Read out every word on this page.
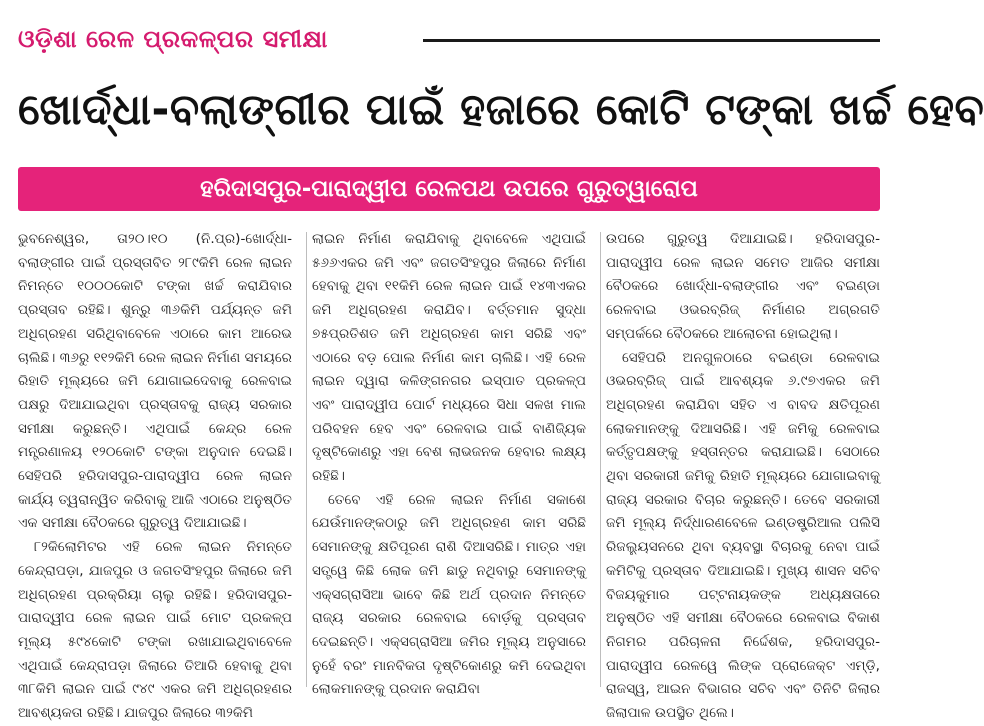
ଓଡ଼ିଶା ରେଳ ପ୍ରକଳ୍ପର ସମୀକ୍ଷା
ଖୋର୍ଦ୍ଧା-ବଲାଙ୍ଗୀର ପାଇଁ ହଜାରେ କୋଟି ଟଙ୍କା ଖର୍ଚ୍ଚ ହେବ
ହରିଦାସପୁର-ପାରାଦ୍ୱୀପ ରେଳପଥ ଉପରେ ଗୁରୁତ୍ୱାରୋପ

ଭୁବନେଶ୍ୱର, ତା୨୦।୧୦ (ନି.ପ୍ର)-ଖୋର୍ଦ୍ଧା-ବଲାଙ୍ଗୀର ପାଇଁ ପ୍ରସ୍ତାବିତ ୨୮୯କିମି ରେଳ ଲାଇନ ନିମନ୍ତେ ୧୦୦୦କୋଟି ଟଙ୍କା ଖର୍ଚ୍ଚ କରାଯିବାର ପ୍ରସ୍ତାବ ରହିଛି। ଶୁନ୍‌ରୁ ୩୬କିମି ପର୍ଯ୍ୟନ୍ତ ଜମି ଅଧିଗ୍ରହଣ ସରିଥିବାବେଳେ ଏଠାରେ କାମ ଆରେଭ ଚାଲିଛି। ୩୬ରୁ ୧୧୨କିମି ରେଳ ଲାଇନ ନିର୍ମାଣ ସମୟରେ ରିହାତି ମୂଲ୍ୟରେ ଜମି ଯୋଗାଇଦେବାକୁ ରେଳବାଇ ପକ୍ଷରୁ ଦିଆଯାଇଥିବା ପ୍ରସ୍ତାବକୁ ରାଜ୍ୟ ସରକାର ସମୀକ୍ଷା କରୁଛନ୍ତି। ଏଥିପାଇଁ କେନ୍ଦ୍ର ରେଳ ମନ୍ତ୍ରଣାଳୟ ୧୨୦କୋଟି ଟଙ୍କା ଅନୁଦାନ ଦେଇଛି। ସେହିପରି ହରିଦାସପୁର-ପାରାଦ୍ୱୀପ ରେଳ ଲାଇନ କାର୍ଯ୍ୟ ତ୍ୱରାନ୍ୱିତ କରିବାକୁ ଆଜି ଏଠାରେ ଅନୁଷ୍ଠିତ ଏକ ସମୀକ୍ଷା ବୈଠକରେ ଗୁରୁତ୍ୱ ଦିଆଯାଇଛି।

୮୨କିଲୋମିଟର ଏହି ରେଳ ଲାଇନ ନିମନ୍ତେ କେନ୍ଦ୍ରାପଡ଼ା, ଯାଜପୁର ଓ ଜଗତସିଂହପୁର ଜିଲାରେ ଜମି ଅଧିଗ୍ରହଣ ପ୍ରକ୍ରିୟା ଚାଲୁ ରହିଛି। ହରିଦାସପୁର-ପାରାଦ୍ୱୀପ ରେଳ ଲାଇନ ପାଇଁ ମୋଟ ପ୍ରକଳ୍ପ ମୂଲ୍ୟ ୫୯୪କୋଟି ଟଙ୍କା ରଖାଯାଇଥିବାବେଳେ ଏଥିପାଇଁ କେନ୍ଦ୍ରାପଡ଼ା ଜିଲାରେ ତିଆରି ହେବାକୁ ଥିବା ୩୮କିମି ଲାଇନ ପାଇଁ ୯୪୯ ଏକର ଜମି ଅଧିଗ୍ରହଣର ଆବଶ୍ୟକତା ରହିଛି। ଯାଜପୁର ଜିଲାରେ ୩୨କିମି

ଲାଇନ ନିର୍ମାଣ କରାଯିବାକୁ ଥିବାବେଳେ ଏଥିପାଇଁ ୫୬୬ଏକର ଜମି ଏବଂ ଜଗତସିଂହପୁର ଜିଲାରେ ନିର୍ମାଣ ହେବାକୁ ଥିବା ୧୧କିମି ରେଳ ଲାଇନ ପାଇଁ ୧୪୩ଏକର ଜମି ଅଧିଗ୍ରହଣ କରାଯିବ। ବର୍ତ୍ତମାନ ସୁଦ୍ଧା ୭୫ପ୍ରତିଶତ ଜମି ଅଧିଗ୍ରହଣ କାମ ସରିଛି ଏବଂ ଏଠାରେ ବଡ଼ ପୋଲ ନିର୍ମାଣ କାମ ଚାଲିଛି। ଏହି ରେଳ ଲାଇନ ଦ୍ୱାରା କଳିଙ୍ଗନଗର ଇସ୍ପାତ ପ୍ରକଳ୍ପ ଏବଂ ପାରାଦ୍ୱୀପ ପୋର୍ଟ ମଧ୍ୟରେ ସିଧା ସଳଖ ମାଲ ପରିବହନ ହେବ ଏବଂ ରେଳବାଇ ପାଇଁ ବାଣିଜ୍ୟିକ ଦୃଷ୍ଟିକୋଣରୁ ଏହା ବେଶ ଲାଭଜନକ ହେବାର ଲକ୍ଷ୍ୟ ରହିଛି।

ତେବେ ଏହି ରେଳ ଲାଇନ ନିର୍ମାଣ ସକାଶେ ଯେଉଁମାନଙ୍କଠାରୁ ଜମି ଅଧିଗ୍ରହଣ କାମ ସରିଛି ସେମାନଙ୍କୁ କ୍ଷତିପୂରଣ ରାଶି ଦିଆସରିଛି। ମାତ୍ର ଏହା ସତ୍ତ୍ୱେ କିଛି ଲୋକ ଜମି ଛାଡୁ ନଥିବାରୁ ସେମାନଙ୍କୁ ଏକ୍ସଗ୍ରାସିଆ ଭାବେ କିଛି ଅର୍ଥ ପ୍ରଦାନ ନିମନ୍ତେ ରାଜ୍ୟ ସରକାର ରେଳବାଇ ବୋର୍ଡ଼କୁ ପ୍ରସ୍ତାବ ଦେଇଛନ୍ତି। ଏକ୍ସଗ୍ରାସିଆ ଜମିର ମୂଲ୍ୟ ଅନୁସାରେ ନୁହେଁ ବରଂ ମାନବିକତା ଦୃଷ୍ଟିକୋଣରୁ କମି ଦେଇଥିବା ଲୋକମାନଙ୍କୁ ପ୍ରଦାନ କରାଯିବା

ଉପରେ ଗୁରୁତ୍ୱ ଦିଆଯାଇଛି। ହରିଦାସପୁର-ପାରାଦ୍ୱୀପ ରେଳ ଲାଇନ ସମେତ ଆଜିର ସମୀକ୍ଷା ବୈଠକରେ ଖୋର୍ଦ୍ଧା-ବଲାଙ୍ଗୀର ଏବଂ ବଇଣ୍ଡା ରେଳବାଇ ଓଭରବ୍ରିଜ୍ ନିର୍ମାଣର ଅଗ୍ରଗତି ସମ୍ପର୍କରେ ବୈଠକରେ ଆଲୋଚନା ହୋଇଥିଲା।

ସେହିପରି ଅନଗୁଳଠାରେ ବଇଣ୍ଡା ରେଳବାଇ ଓଭରବ୍ରିଜ୍ ପାଇଁ ଆବଶ୍ୟକ ୬.୯୭ଏକର ଜମି ଅଧିଗ୍ରହଣ କରାଯିବା ସହିତ ଏ ବାବଦ କ୍ଷତିପୂରଣ ଲୋକମାନଙ୍କୁ ଦିଆସରିଛି। ଏହି ଜମିକୁ ରେଳବାଇ କର୍ତ୍ତୃପକ୍ଷଙ୍କୁ ହସ୍ତାନ୍ତର କରାଯାଇଛି। ସେଠାରେ ଥିବା ସରକାରୀ ଜମିକୁ ରିହାତି ମୂଲ୍ୟରେ ଯୋଗାଇବାକୁ ରାଜ୍ୟ ସରକାର ବିଚାର କରୁଛନ୍ତି। ତେବେ ସରକାରୀ ଜମି ମୂଲ୍ୟ ନିର୍ଦ୍ଧାରଣବେଳେ ଇଣ୍ଡଷ୍ଟ୍ରିଆଲ ପଲିସି ରିଜଲ୍ୟୁସନରେ ଥିବା ବ୍ୟବସ୍ଥା ବିଚାରକୁ ନେବା ପାଇଁ କମିଟିକୁ ପ୍ରସ୍ତାବ ଦିଆଯାଇଛି। ମୁଖ୍ୟ ଶାସନ ସଚିବ ବିଜୟକୁମାର ପଟ୍ଟନାୟକଙ୍କ ଅଧ୍ୟକ୍ଷତାରେ ଅନୁଷ୍ଠିତ ଏହି ସମୀକ୍ଷା ବୈଠକରେ ରେଳବାଇ ବିକାଶ ନିଗମର ପରିଚାଳନା ନିର୍ଦ୍ଦେଶକ, ହରିଦାସପୁର-ପାରାଦ୍ୱୀପ ରେଳୱେ ଲିଙ୍କ ପ୍ରୋଜେକ୍ଟ ଏମ୍‌ଡ଼ି, ରାଜସ୍ୱ, ଆଇନ ବିଭାଗର ସଚିବ ଏବଂ ତିନିଟି ଜିଲାର ଜିଲାପାଳ ଉପସ୍ଥିତ ଥିଲେ।
